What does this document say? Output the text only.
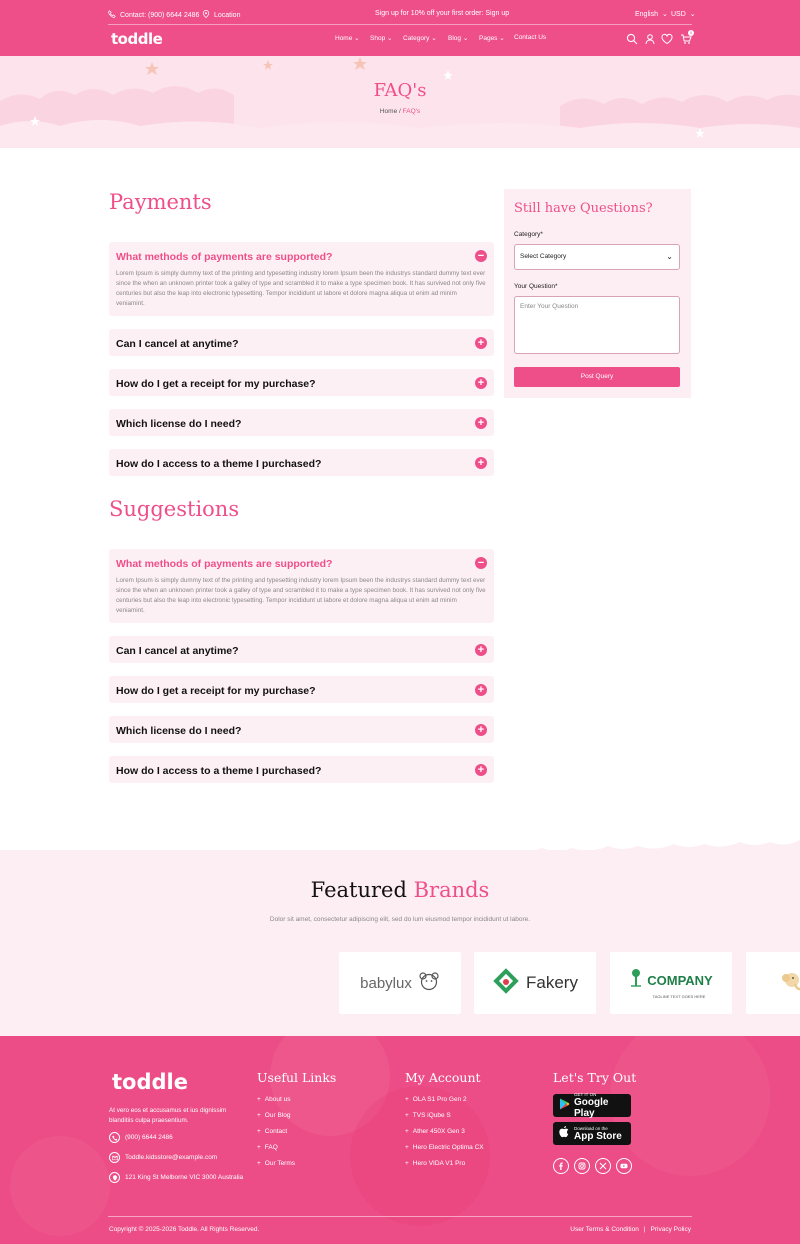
Contact: (900) 6644 2486 Location	Sign up for 10% off your first order: Sign up	English ⌄ USD ⌄
toddle	Home ⌄ Shop ⌄ Category ⌄ Blog ⌄ Pages ⌄ Contact Us
0
FAQ's
Home / FAQ's
Payments
What methods of payments are supported?	−
Lorem Ipsum is simply dummy text of the printing and typesetting industry lorem Ipsum been the industrys standard dummy text ever since the when an unknown printer took a galley of type and scrambled it to make a type specimen book. It has survived not only five centuries but also the leap into electronic typesetting. Tempor incididunt ut labore et dolore magna aliqua ut enim ad minim veniamint.
Can I cancel at anytime?	+
How do I get a receipt for my purchase?	+
Which license do I need?	+
How do I access to a theme I purchased?	+
Suggestions
What methods of payments are supported?	−
Lorem Ipsum is simply dummy text of the printing and typesetting industry lorem Ipsum been the industrys standard dummy text ever since the when an unknown printer took a galley of type and scrambled it to make a type specimen book. It has survived not only five centuries but also the leap into electronic typesetting. Tempor incididunt ut labore et dolore magna aliqua ut enim ad minim veniamint.
Can I cancel at anytime?	+
How do I get a receipt for my purchase?	+
Which license do I need?	+
How do I access to a theme I purchased?	+
Still have Questions?
Category*
Select Category	⌄
Your Question*
Enter Your Question
Post Query
Featured Brands
Dolor sit amet, consectetur adipiscing elit, sed do lum eiusmod tempor incididunt ut labore.
babylux	Fakery	COMPANY
TAGLINE TEXT GOES HERE
toddle
At vero eos et accusamus et ius dignissim blanditiis culpa praesentium.
(900) 6644 2486
Toddle.kidsstore@example.com
121 King St Melborne VIC 3000 Australia
Useful Links
+ About us
+ Our Blog
+ Contact
+ FAQ
+ Our Terms
My Account
+ OLA S1 Pro Gen 2
+ TVS iQube S
+ Ather 450X Gen 3
+ Hero Electric Optima CX
+ Hero VIDA V1 Pro
Let's Try Out
GET IT ON
Google Play
Download on the
App Store
Copyright © 2025-2026 Toddle. All Rights Reserved.	User Terms & Condition | Privacy Policy
